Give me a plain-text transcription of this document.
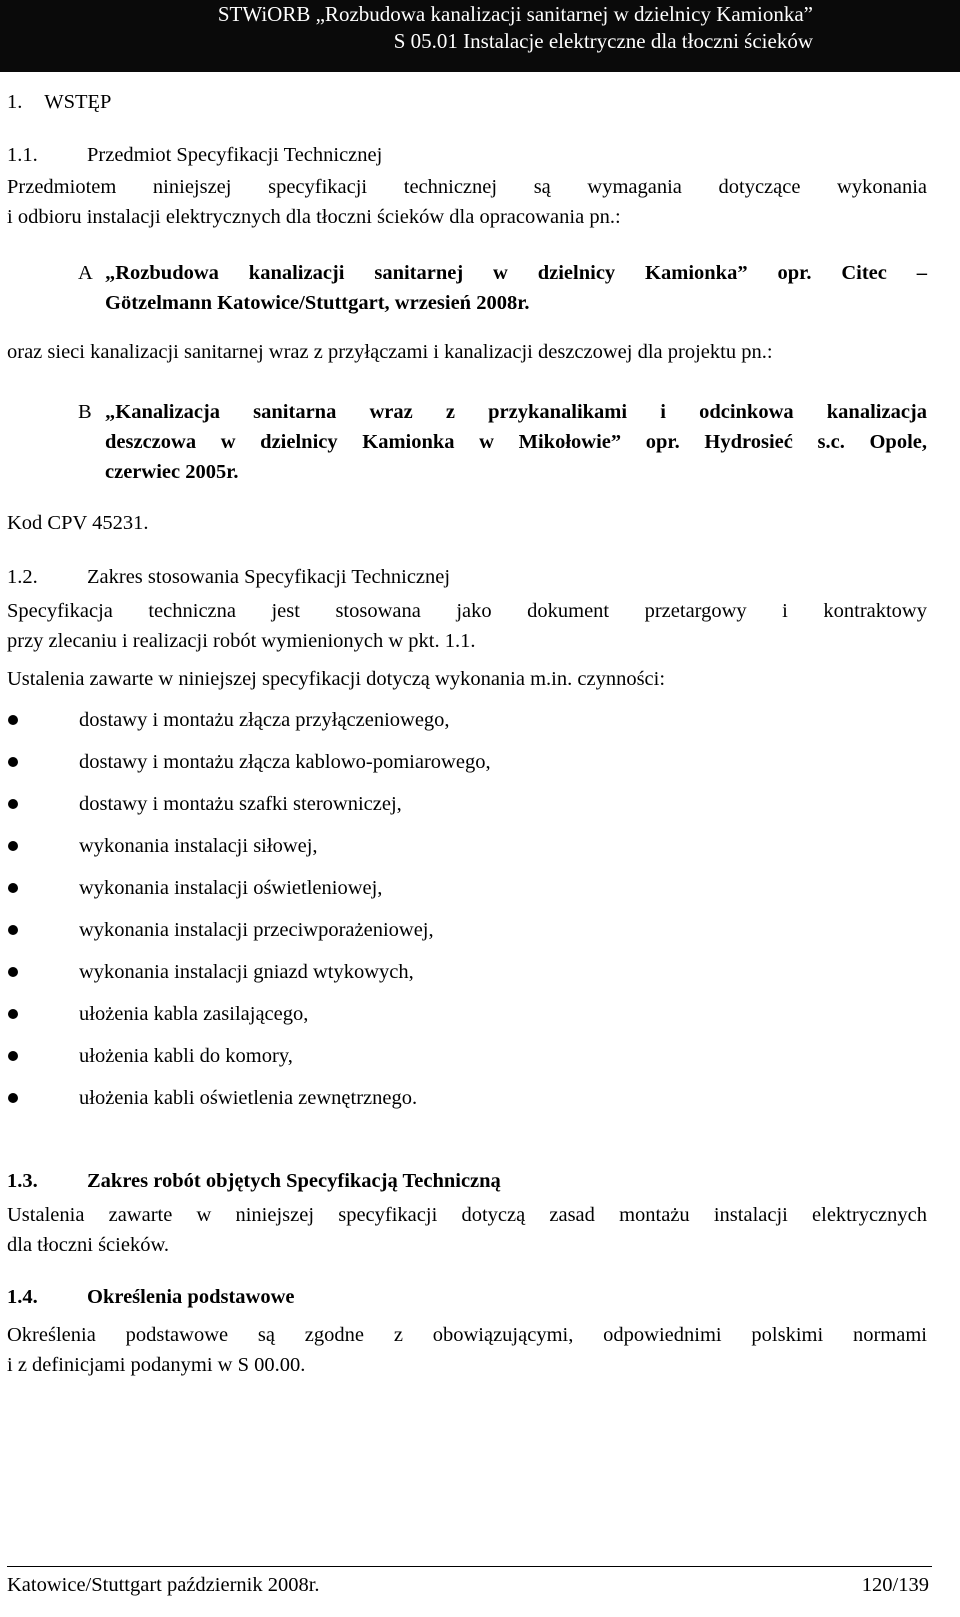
STWiORB „Rozbudowa kanalizacji sanitarnej w dzielnicy Kamionka”
S 05.01 Instalacje elektryczne dla tłoczni ścieków
1. WSTĘP
1.1. Przedmiot Specyfikacji Technicznej
Przedmiotem niniejszej specyfikacji technicznej są wymagania dotyczące wykonania
i odbioru instalacji elektrycznych dla tłoczni ścieków dla opracowania pn.:
A „Rozbudowa kanalizacji sanitarnej w dzielnicy Kamionka” opr. Citec –
Götzelmann Katowice/Stuttgart, wrzesień 2008r.
oraz sieci kanalizacji sanitarnej wraz z przyłączami i kanalizacji deszczowej dla projektu pn.:
B „Kanalizacja sanitarna wraz z przykanalikami i odcinkowa kanalizacja
deszczowa w dzielnicy Kamionka w Mikołowie” opr. Hydrosieć s.c. Opole,
czerwiec 2005r.
Kod CPV 45231.
1.2. Zakres stosowania Specyfikacji Technicznej
Specyfikacja techniczna jest stosowana jako dokument przetargowy i kontraktowy
przy zlecaniu i realizacji robót wymienionych w pkt. 1.1.
Ustalenia zawarte w niniejszej specyfikacji dotyczą wykonania m.in. czynności:
dostawy i montażu złącza przyłączeniowego,
dostawy i montażu złącza kablowo-pomiarowego,
dostawy i montażu szafki sterowniczej,
wykonania instalacji siłowej,
wykonania instalacji oświetleniowej,
wykonania instalacji przeciwporażeniowej,
wykonania instalacji gniazd wtykowych,
ułożenia kabla zasilającego,
ułożenia kabli do komory,
ułożenia kabli oświetlenia zewnętrznego.
1.3. Zakres robót objętych Specyfikacją Techniczną
Ustalenia zawarte w niniejszej specyfikacji dotyczą zasad montażu instalacji elektrycznych
dla tłoczni ścieków.
1.4. Określenia podstawowe
Określenia podstawowe są zgodne z obowiązującymi, odpowiednimi polskimi normami
i z definicjami podanymi w S 00.00.
Katowice/Stuttgart październik 2008r.	120/139
